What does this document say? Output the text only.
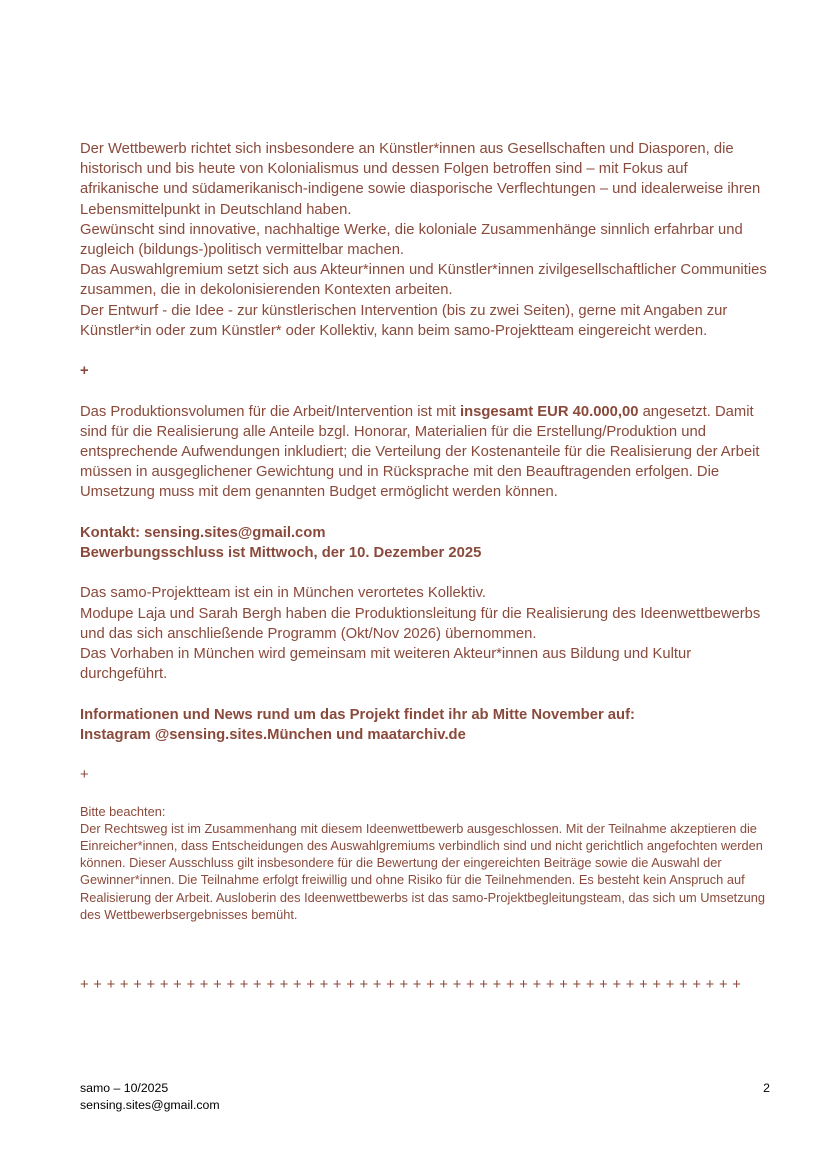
Der Wettbewerb richtet sich insbesondere an Künstler*innen aus Gesellschaften und Diasporen, die historisch und bis heute von Kolonialismus und dessen Folgen betroffen sind – mit Fokus auf afrikanische und südamerikanisch-indigene sowie diasporische Verflechtungen – und idealerweise ihren Lebensmittelpunkt in Deutschland haben.

Gewünscht sind innovative, nachhaltige Werke, die koloniale Zusammenhänge sinnlich erfahrbar und zugleich (bildungs-)politisch vermittelbar machen.

Das Auswahlgremium setzt sich aus Akteur*innen und Künstler*innen zivilgesellschaftlicher Communities zusammen, die in dekolonisierenden Kontexten arbeiten.

Der Entwurf - die Idee - zur künstlerischen Intervention (bis zu zwei Seiten), gerne mit Angaben zur Künstler*in oder zum Künstler* oder Kollektiv, kann beim samo-Projektteam eingereicht werden.

+

Das Produktionsvolumen für die Arbeit/Intervention ist mit insgesamt EUR 40.000,00 angesetzt. Damit sind für die Realisierung alle Anteile bzgl. Honorar, Materialien für die Erstellung/Produktion und entsprechende Aufwendungen inkludiert; die Verteilung der Kostenanteile für die Realisierung der Arbeit müssen in ausgeglichener Gewichtung und in Rücksprache mit den Beauftragenden erfolgen. Die Umsetzung muss mit dem genannten Budget ermöglicht werden können.

Kontakt: sensing.sites@gmail.com

Bewerbungsschluss ist Mittwoch, der 10. Dezember 2025

Das samo-Projektteam ist ein in München verortetes Kollektiv.

Modupe Laja und Sarah Bergh haben die Produktionsleitung für die Realisierung des Ideenwettbewerbs und das sich anschließende Programm (Okt/Nov 2026) übernommen.

Das Vorhaben in München wird gemeinsam mit weiteren Akteur*innen aus Bildung und Kultur durchgeführt.

Informationen und News rund um das Projekt findet ihr ab Mitte November auf:

Instagram @sensing.sites.München und maatarchiv.de

+

Bitte beachten:

Der Rechtsweg ist im Zusammenhang mit diesem Ideenwettbewerb ausgeschlossen. Mit der Teilnahme akzeptieren die Einreicher*innen, dass Entscheidungen des Auswahlgremiums verbindlich sind und nicht gerichtlich angefochten werden können. Dieser Ausschluss gilt insbesondere für die Bewertung der eingereichten Beiträge sowie die Auswahl der Gewinner*innen. Die Teilnahme erfolgt freiwillig und ohne Risiko für die Teilnehmenden. Es besteht kein Anspruch auf Realisierung der Arbeit. Ausloberin des Ideenwettbewerbs ist das samo-Projektbegleitungsteam, das sich um Umsetzung des Wettbewerbsergebnisses bemüht.

+ + + + + + + + + + + + + + + + + + + + + + + + + + + + + + + + + + + + + + + + + + + + + + + + + +

samo – 10/2025

sensing.sites@gmail.com

2
